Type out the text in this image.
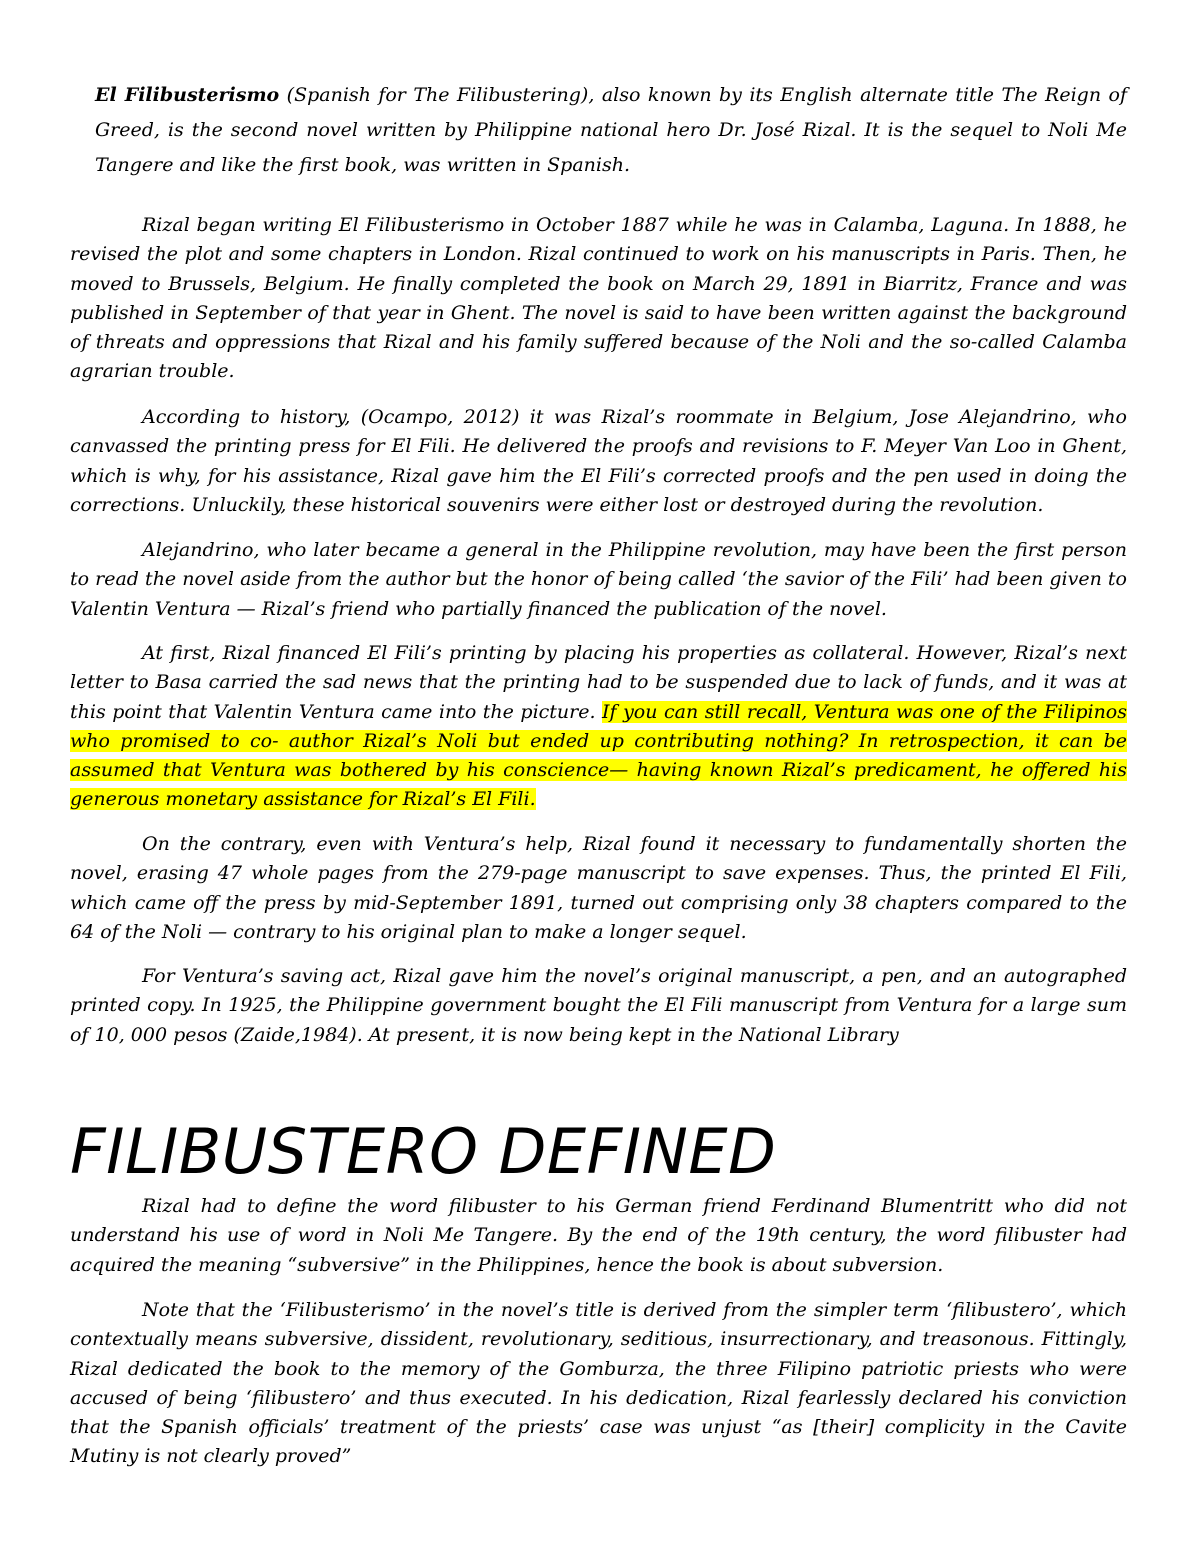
El Filibusterismo (Spanish for The Filibustering), also known by its English alternate title The Reign of Greed, is the second novel written by Philippine national hero Dr. José Rizal. It is the sequel to Noli Me Tangere and like the first book, was written in Spanish.

Rizal began writing El Filibusterismo in October 1887 while he was in Calamba, Laguna. In 1888, he revised the plot and some chapters in London. Rizal continued to work on his manuscripts in Paris. Then, he moved to Brussels, Belgium. He finally completed the book on March 29, 1891 in Biarritz, France and was published in September of that year in Ghent. The novel is said to have been written against the background of threats and oppressions that Rizal and his family suffered because of the Noli and the so-called Calamba agrarian trouble.

According to history, (Ocampo, 2012) it was Rizal’s roommate in Belgium, Jose Alejandrino, who canvassed the printing press for El Fili. He delivered the proofs and revisions to F. Meyer Van Loo in Ghent, which is why, for his assistance, Rizal gave him the El Fili’s corrected proofs and the pen used in doing the corrections. Unluckily, these historical souvenirs were either lost or destroyed during the revolution.

Alejandrino, who later became a general in the Philippine revolution, may have been the first person to read the novel aside from the author but the honor of being called ‘the savior of the Fili’ had been given to Valentin Ventura — Rizal’s friend who partially financed the publication of the novel.

At first, Rizal financed El Fili’s printing by placing his properties as collateral. However, Rizal’s next letter to Basa carried the sad news that the printing had to be suspended due to lack of funds, and it was at this point that Valentin Ventura came into the picture. If you can still recall, Ventura was one of the Filipinos who promised to co- author Rizal’s Noli but ended up contributing nothing? In retrospection, it can be assumed that Ventura was bothered by his conscience— having known Rizal’s predicament, he offered his generous monetary assistance for Rizal’s El Fili.

On the contrary, even with Ventura’s help, Rizal found it necessary to fundamentally shorten the novel, erasing 47 whole pages from the 279-page manuscript to save expenses. Thus, the printed El Fili, which came off the press by mid-September 1891, turned out comprising only 38 chapters compared to the 64 of the Noli — contrary to his original plan to make a longer sequel.

For Ventura’s saving act, Rizal gave him the novel’s original manuscript, a pen, and an autographed printed copy. In 1925, the Philippine government bought the El Fili manuscript from Ventura for a large sum of 10, 000 pesos (Zaide,1984). At present, it is now being kept in the National Library

FILIBUSTERO DEFINED

Rizal had to define the word filibuster to his German friend Ferdinand Blumentritt who did not understand his use of word in Noli Me Tangere. By the end of the 19th century, the word filibuster had acquired the meaning “subversive” in the Philippines, hence the book is about subversion.

Note that the ‘Filibusterismo’ in the novel’s title is derived from the simpler term ‘filibustero’, which contextually means subversive, dissident, revolutionary, seditious, insurrectionary, and treasonous. Fittingly, Rizal dedicated the book to the memory of the Gomburza, the three Filipino patriotic priests who were accused of being ‘filibustero’ and thus executed. In his dedication, Rizal fearlessly declared his conviction that the Spanish officials’ treatment of the priests’ case was unjust “as [their] complicity in the Cavite Mutiny is not clearly proved”
